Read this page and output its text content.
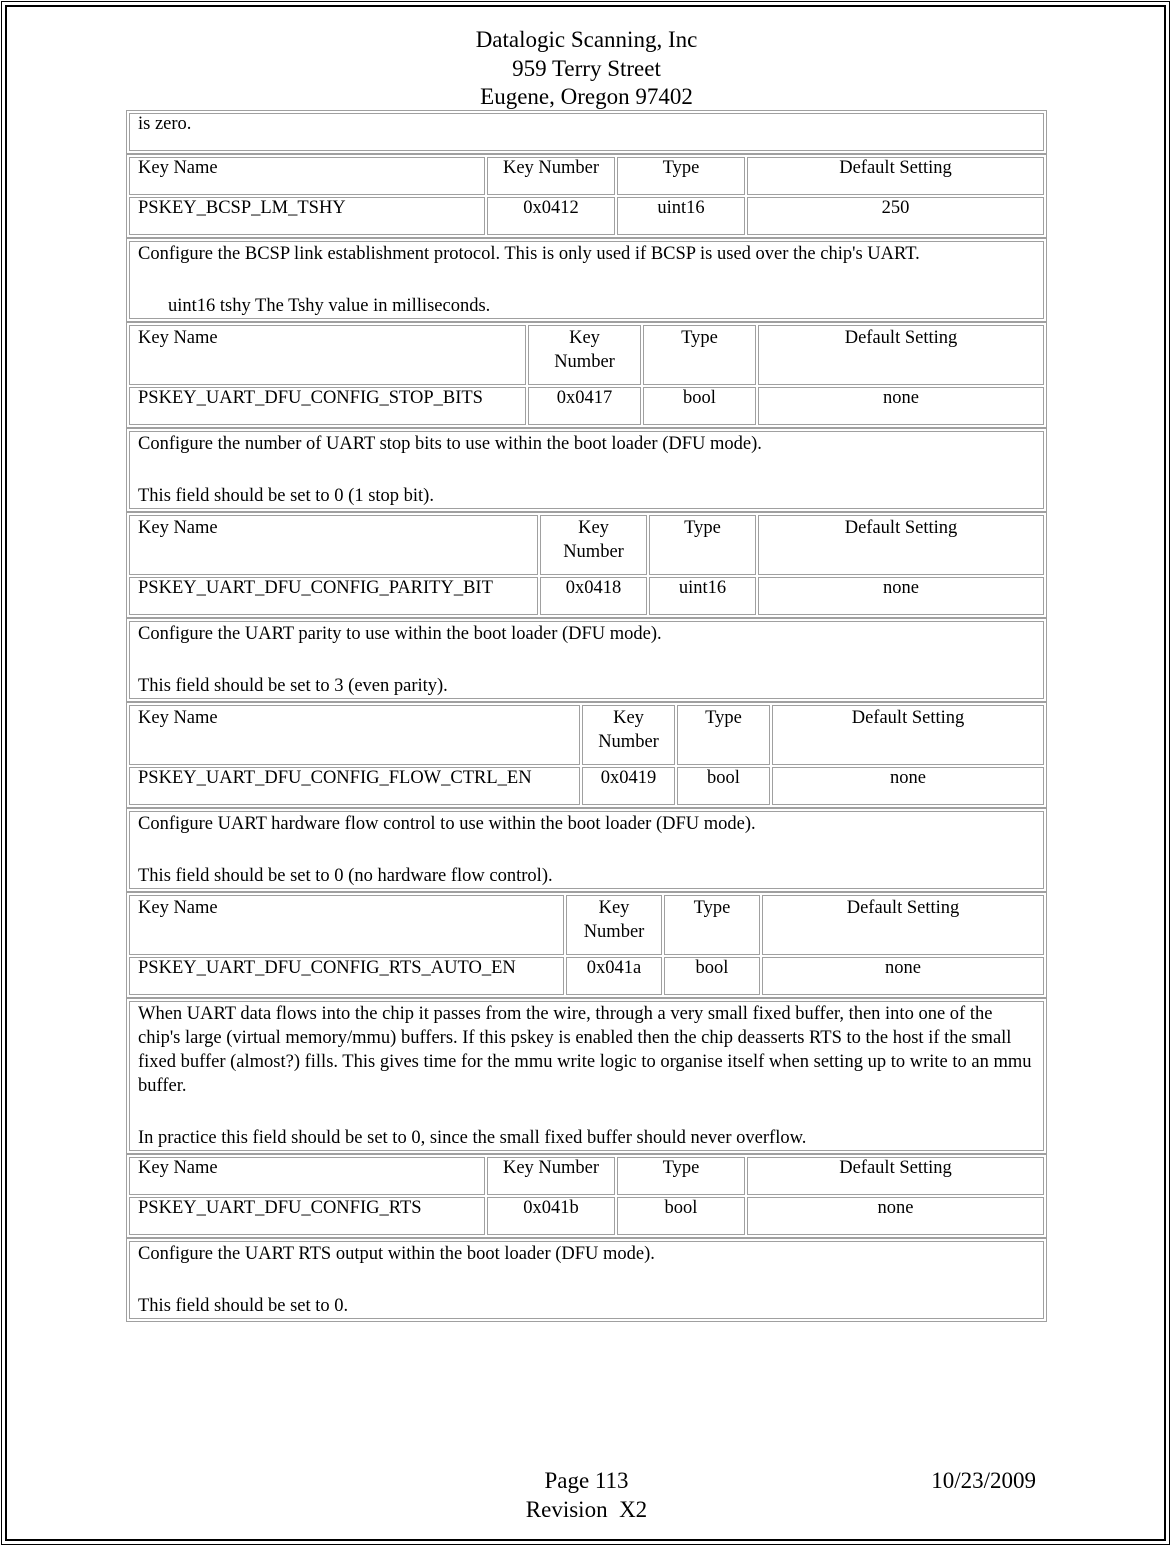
Datalogic Scanning, Inc
959 Terry Street
Eugene, Oregon 97402
is zero.
Key Name	Key Number	Type	Default Setting
PSKEY_BCSP_LM_TSHY	0x0412	uint16	250

Configure the BCSP link establishment protocol. This is only used if BCSP is used over the chip's UART.

uint16 tshy The Tshy value in milliseconds.

Key Name	Key Number	Type	Default Setting
PSKEY_UART_DFU_CONFIG_STOP_BITS	0x0417	bool	none

Configure the number of UART stop bits to use within the boot loader (DFU mode).

This field should be set to 0 (1 stop bit).

Key Name	Key Number	Type	Default Setting
PSKEY_UART_DFU_CONFIG_PARITY_BIT	0x0418	uint16	none

Configure the UART parity to use within the boot loader (DFU mode).

This field should be set to 3 (even parity).

Key Name	Key Number	Type	Default Setting
PSKEY_UART_DFU_CONFIG_FLOW_CTRL_EN	0x0419	bool	none

Configure UART hardware flow control to use within the boot loader (DFU mode).

This field should be set to 0 (no hardware flow control).

Key Name	Key Number	Type	Default Setting
PSKEY_UART_DFU_CONFIG_RTS_AUTO_EN	0x041a	bool	none

When UART data flows into the chip it passes from the wire, through a very small fixed buffer, then into one of the chip's large (virtual memory/mmu) buffers. If this pskey is enabled then the chip deasserts RTS to the host if the small fixed buffer (almost?) fills. This gives time for the mmu write logic to organise itself when setting up to write to an mmu buffer.

In practice this field should be set to 0, since the small fixed buffer should never overflow.

Key Name	Key Number	Type	Default Setting
PSKEY_UART_DFU_CONFIG_RTS	0x041b	bool	none

Configure the UART RTS output within the boot loader (DFU mode).

This field should be set to 0.

Page 113	10/23/2009
Revision  X2
